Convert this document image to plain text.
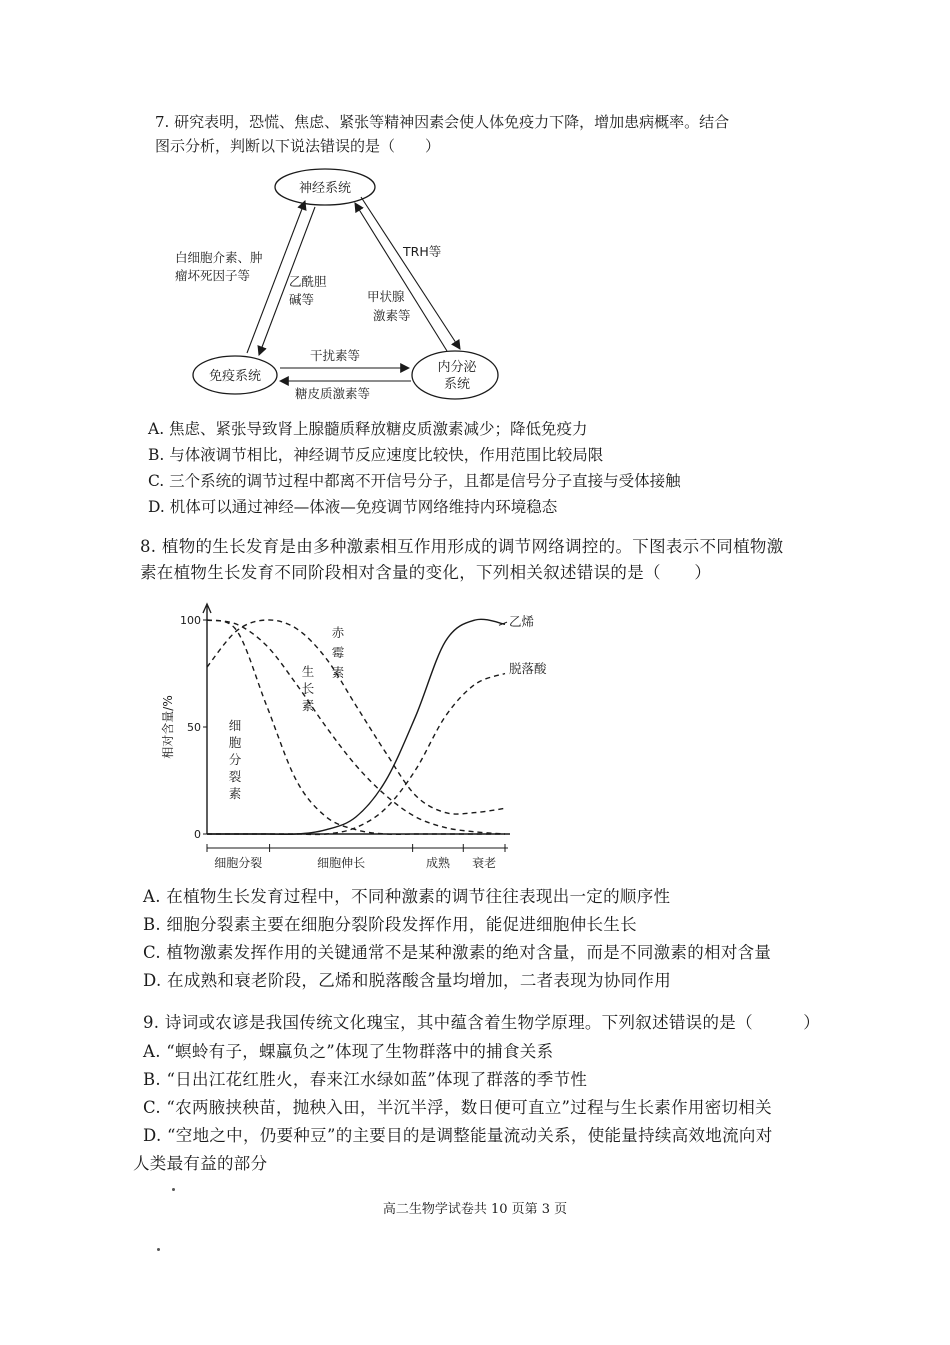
7. 研究表明，恐慌、焦虑、紧张等精神因素会使人体免疫力下降，增加患病概率。结合
图示分析，判断以下说法错误的是（　　）
神经系统
免疫系统
内分泌
系统
白细胞介素、肿
瘤坏死因子等	乙酰胆
碱等
TRH等
甲状腺
激素等
干扰素等
糖皮质激素等
A. 焦虑、紧张导致肾上腺髓质释放糖皮质激素减少；降低免疫力
B. 与体液调节相比，神经调节反应速度比较快，作用范围比较局限
C. 三个系统的调节过程中都离不开信号分子，且都是信号分子直接与受体接触
D. 机体可以通过神经—体液—免疫调节网络维持内环境稳态
8. 植物的生长发育是由多种激素相互作用形成的调节网络调控的。下图表示不同植物激
素在植物生长发育不同阶段相对含量的变化，下列相关叙述错误的是（　　）
100
50
0
相对含量/%
细胞分裂	细胞伸长	成熟 衰老
细
胞
分
裂
素
生
长
素
赤
霉
素
乙烯
脱落酸
A. 在植物生长发育过程中，不同种激素的调节往往表现出一定的顺序性
B. 细胞分裂素主要在细胞分裂阶段发挥作用，能促进细胞伸长生长
C. 植物激素发挥作用的关键通常不是某种激素的绝对含量，而是不同激素的相对含量
D. 在成熟和衰老阶段，乙烯和脱落酸含量均增加，二者表现为协同作用
9. 诗词或农谚是我国传统文化瑰宝，其中蕴含着生物学原理。下列叙述错误的是（　　　）
A. “螟蛉有子，蜾蠃负之”体现了生物群落中的捕食关系
B. “日出江花红胜火，春来江水绿如蓝”体现了群落的季节性
C. “农两腋挟秧苗，抛秧入田，半沉半浮，数日便可直立”过程与生长素作用密切相关
D. “空地之中，仍要种豆”的主要目的是调整能量流动关系，使能量持续高效地流向对
人类最有益的部分
高二生物学试卷共 10 页第 3 页
